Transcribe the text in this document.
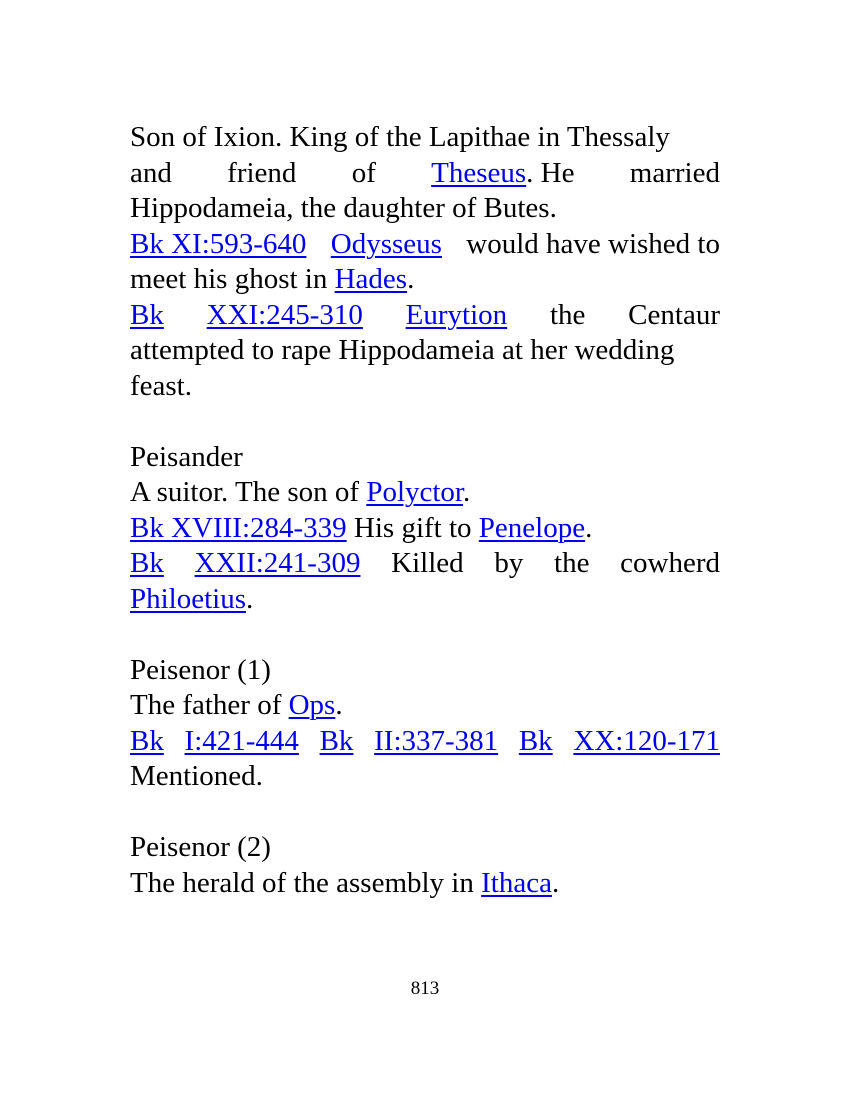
Son of Ixion. King of the Lapithae in Thessaly
and friend of Theseus. He married
Hippodameia, the daughter of Butes.
Bk XI:593-640 Odysseus would have wished to
meet his ghost in Hades.
Bk XXI:245-310 Eurytion the Centaur
attempted to rape Hippodameia at her wedding
feast.
Peisander
A suitor. The son of Polyctor.
Bk XVIII:284-339 His gift to Penelope.
Bk XXII:241-309 Killed by the cowherd
Philoetius.
Peisenor (1)
The father of Ops.
Bk I:421-444 Bk II:337-381 Bk XX:120-171
Mentioned.
Peisenor (2)
The herald of the assembly in Ithaca.
813
